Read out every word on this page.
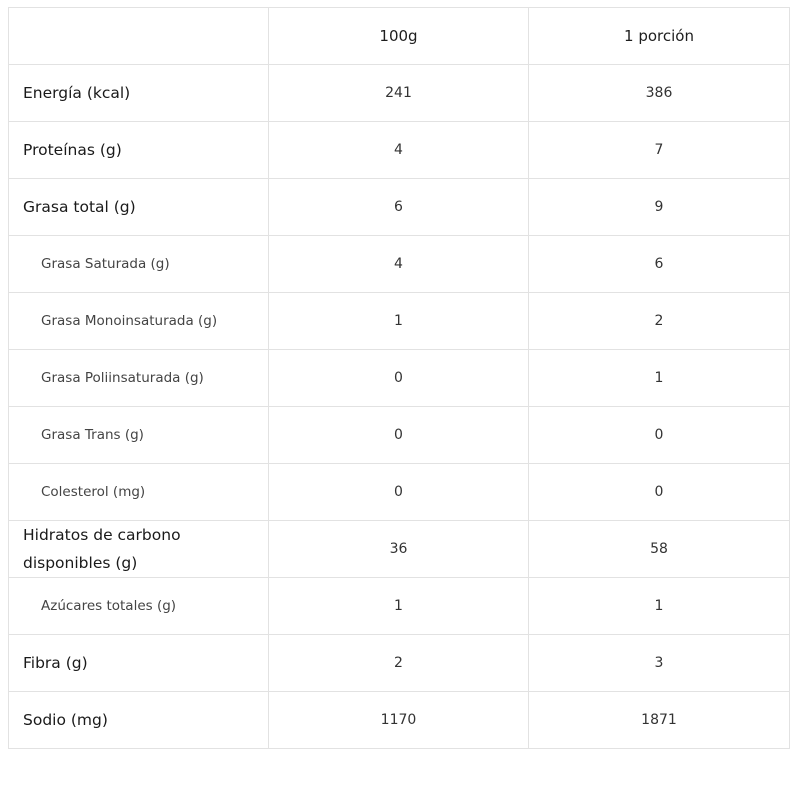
	100g	1 porción

Energía (kcal)	241	386

Proteínas (g)	4	7

Grasa total (g)	6	9

Grasa Saturada (g)	4	6

Grasa Monoinsaturada (g)	1	2

Grasa Poliinsaturada (g)	0	1

Grasa Trans (g)	0	0

Colesterol (mg)	0	0

Hidratos de carbono disponibles (g)	36	58

Azúcares totales (g)	1	1

Fibra (g)	2	3

Sodio (mg)	1170	1871
